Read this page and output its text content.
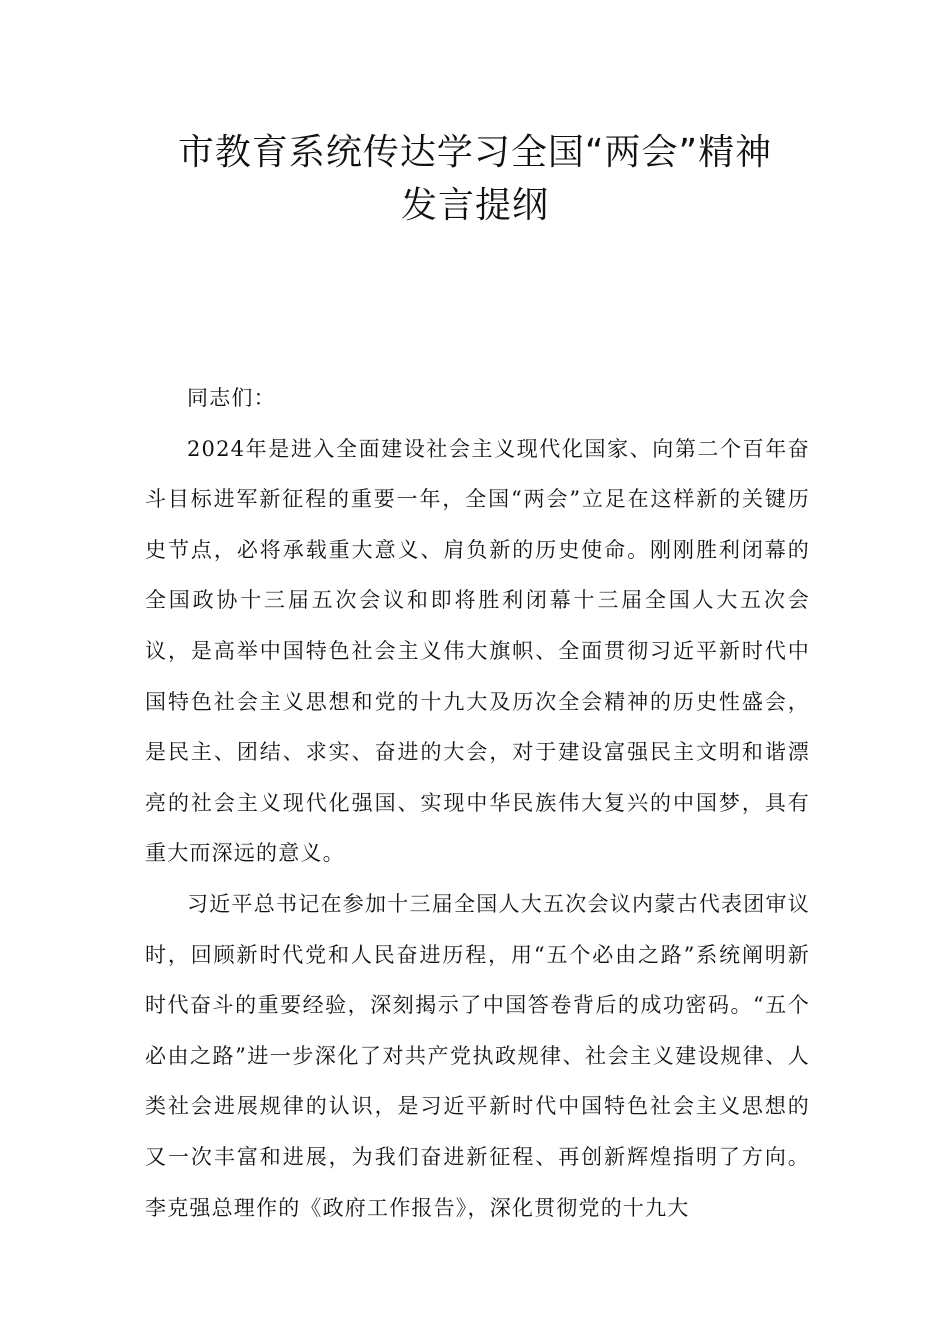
市教育系统传达学习全国“两会”精神
发言提纲

同志们：

2024年是进入全面建设社会主义现代化国家、向第二个百年奋斗目标进军新征程的重要一年，全国“两会”立足在这样新的关键历史节点，必将承载重大意义、肩负新的历史使命。刚刚胜利闭幕的全国政协十三届五次会议和即将胜利闭幕十三届全国人大五次会议，是高举中国特色社会主义伟大旗帜、全面贯彻习近平新时代中国特色社会主义思想和党的十九大及历次全会精神的历史性盛会，是民主、团结、求实、奋进的大会，对于建设富强民主文明和谐漂亮的社会主义现代化强国、实现中华民族伟大复兴的中国梦，具有重大而深远的意义。

习近平总书记在参加十三届全国人大五次会议内蒙古代表团审议时，回顾新时代党和人民奋进历程，用“五个必由之路”系统阐明新时代奋斗的重要经验，深刻揭示了中国答卷背后的成功密码。“五个必由之路”进一步深化了对共产党执政规律、社会主义建设规律、人类社会进展规律的认识，是习近平新时代中国特色社会主义思想的又一次丰富和进展，为我们奋进新征程、再创新辉煌指明了方向。李克强总理作的《政府工作报告》，深化贯彻党的十九大
